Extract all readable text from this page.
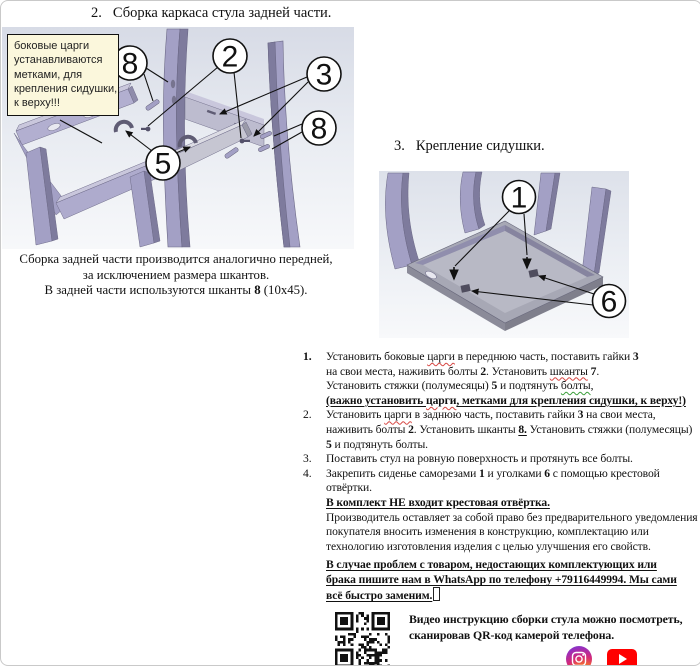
2. Сборка каркаса стула задней части.
8	2
3
8
5
боковые царги
устанавливаются
метками, для
крепления сидушки,
к верху!!!
Сборка задней части производится аналогично передней,
за исключением размера шкантов.
В задней части используются шканты 8 (10x45).
3. Крепление сидушки.
1
6
1.	Установить боковые царги в переднюю часть, поставить гайки 3
на свои места, наживить болты 2. Установить шканты 7.
Установить стяжки (полумесяцы) 5 и подтянуть болты,
(важно установить царги, метками для крепления сидушки, к верху!)
2.	Установить царги в заднюю часть, поставить гайки 3 на свои места,
наживить болты 2. Установить шканты 8. Установить стяжки (полумесяцы)
5 и подтянуть болты.
3.	Поставить стул на ровную поверхность и протянуть все болты.
4.	Закрепить сиденье саморезами 1 и уголками 6 с помощью крестовой
отвёртки.
В комплект НЕ входит крестовая отвёртка.
Производитель оставляет за собой право без предварительного уведомления
покупателя вносить изменения в конструкцию, комплектацию или
технологию изготовления изделия с целью улучшения его свойств.
В случае проблем с товаром, недостающих комплектующих или
брака пишите нам в WhatsApp по телефону +79116449994. Мы сами
всё быстро заменим.
Видео инструкцию сборки стула можно посмотреть,
сканировав QR-код камерой телефона.
